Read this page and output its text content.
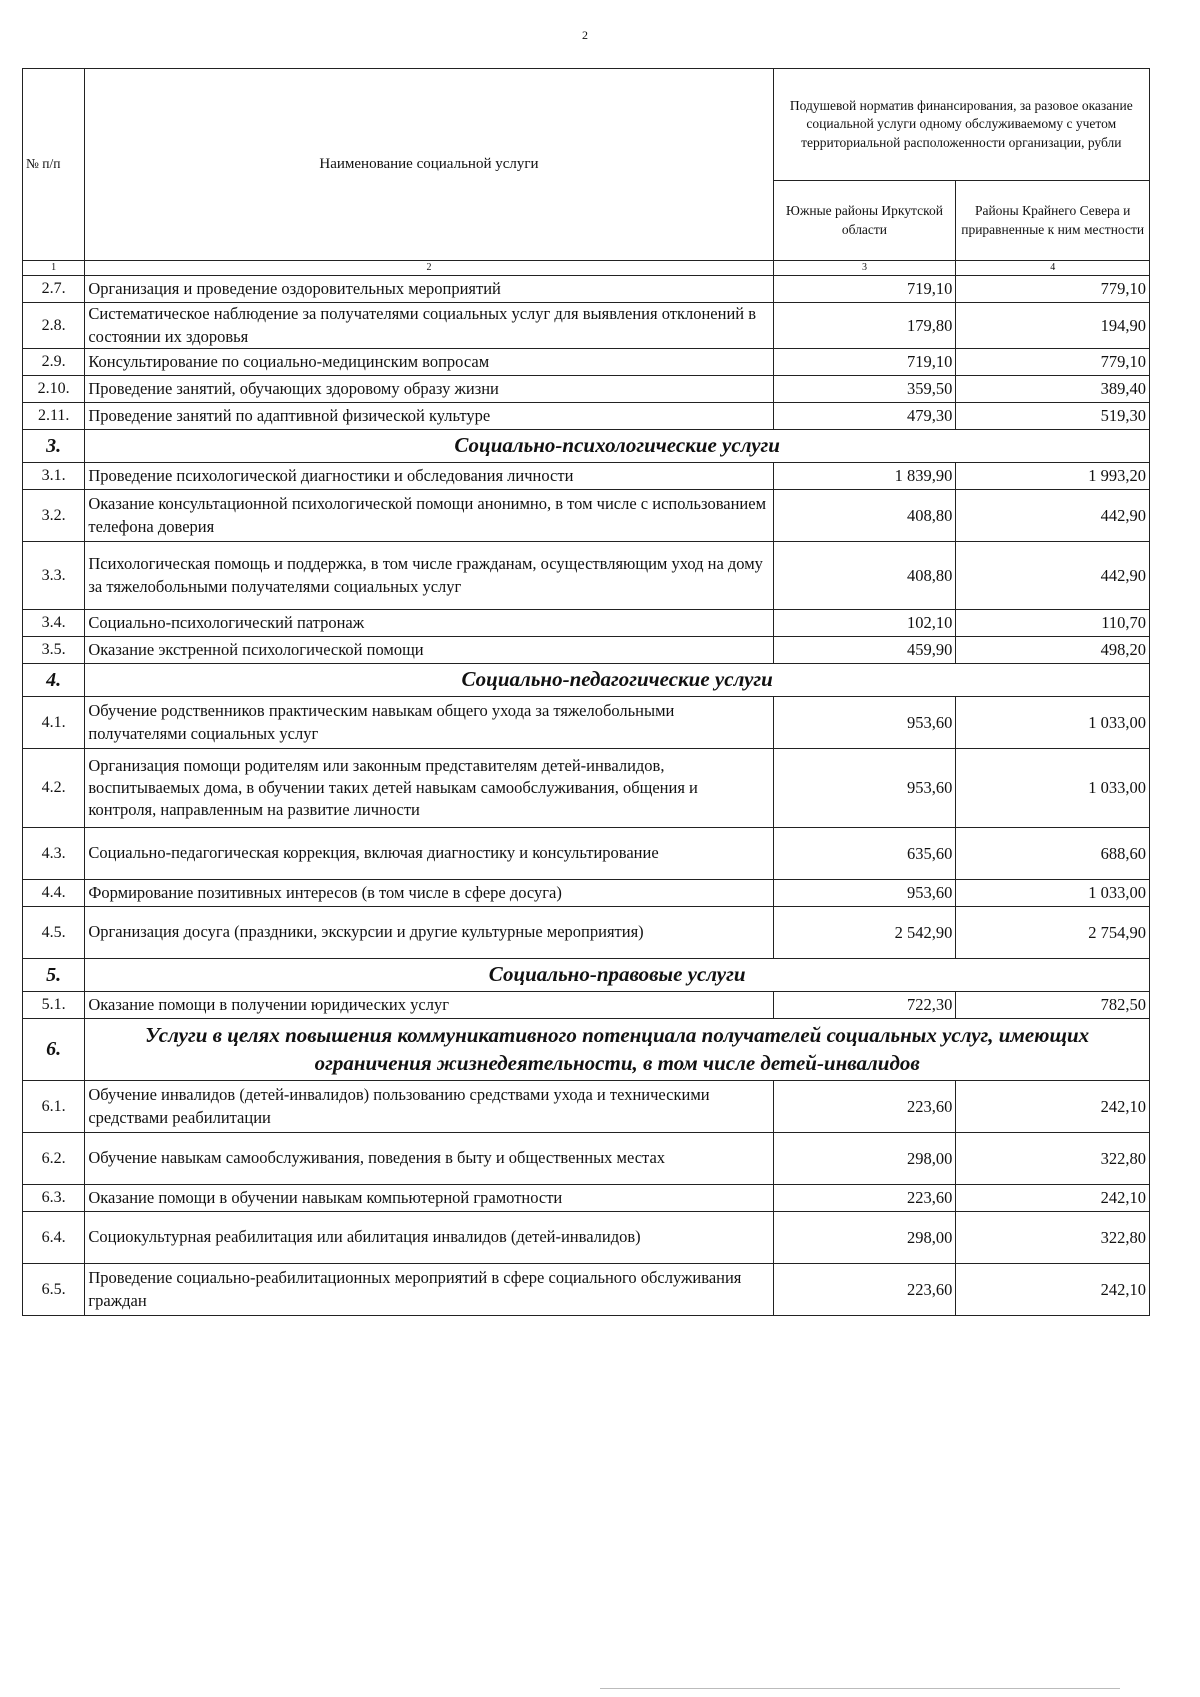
2
№ п/п	Наименование социальной услуги	Подушевой норматив финансирования, за разовое оказание социальной услуги одному обслуживаемому с учетом территориальной расположенности организации, рубли	
		Южные районы Иркутской области	Районы Крайнего Севера и приравненные к ним местности
1	2	3	4
2.7.	Организация и проведение оздоровительных мероприятий	719,10	779,10
2.8.	Систематическое наблюдение за получателями социальных услуг для выявления отклонений в состоянии их здоровья	179,80	194,90
2.9.	Консультирование по социально-медицинским вопросам	719,10	779,10
2.10.	Проведение занятий, обучающих здоровому образу жизни	359,50	389,40
2.11.	Проведение занятий по адаптивной физической культуре	479,30	519,30
3.	Социально-психологические услуги		
3.1.	Проведение психологической диагностики и обследования личности	1 839,90	1 993,20
3.2.	Оказание консультационной психологической помощи анонимно, в том числе с использованием телефона доверия	408,80	442,90
3.3.	Психологическая помощь и поддержка, в том числе гражданам, осуществляющим уход на дому за тяжелобольными получателями социальных услуг	408,80	442,90
3.4.	Социально-психологический патронаж	102,10	110,70
3.5.	Оказание экстренной психологической помощи	459,90	498,20
4.	Социально-педагогические услуги		
4.1.	Обучение родственников практическим навыкам общего ухода за тяжелобольными получателями социальных услуг	953,60	1 033,00
4.2.	Организация помощи родителям или законным представителям детей-инвалидов, воспитываемых дома, в обучении таких детей навыкам самообслуживания, общения и контроля, направленным на развитие личности	953,60	1 033,00
4.3.	Социально-педагогическая коррекция, включая диагностику и консультирование	635,60	688,60
4.4.	Формирование позитивных интересов (в том числе в сфере досуга)	953,60	1 033,00
4.5.	Организация досуга (праздники, экскурсии и другие культурные мероприятия)	2 542,90	2 754,90
5.	Социально-правовые услуги		
5.1.	Оказание помощи в получении юридических услуг	722,30	782,50
6.	Услуги в целях повышения коммуникативного потенциала получателей социальных услуг, имеющих ограничения жизнедеятельности, в том числе детей-инвалидов		
6.1.	Обучение инвалидов (детей-инвалидов) пользованию средствами ухода и техническими средствами реабилитации	223,60	242,10
6.2.	Обучение навыкам самообслуживания, поведения в быту и общественных местах	298,00	322,80
6.3.	Оказание помощи в обучении навыкам компьютерной грамотности	223,60	242,10
6.4.	Социокультурная реабилитация или абилитация инвалидов (детей-инвалидов)	298,00	322,80
6.5.	Проведение социально-реабилитационных мероприятий в сфере социального обслуживания граждан	223,60	242,10
